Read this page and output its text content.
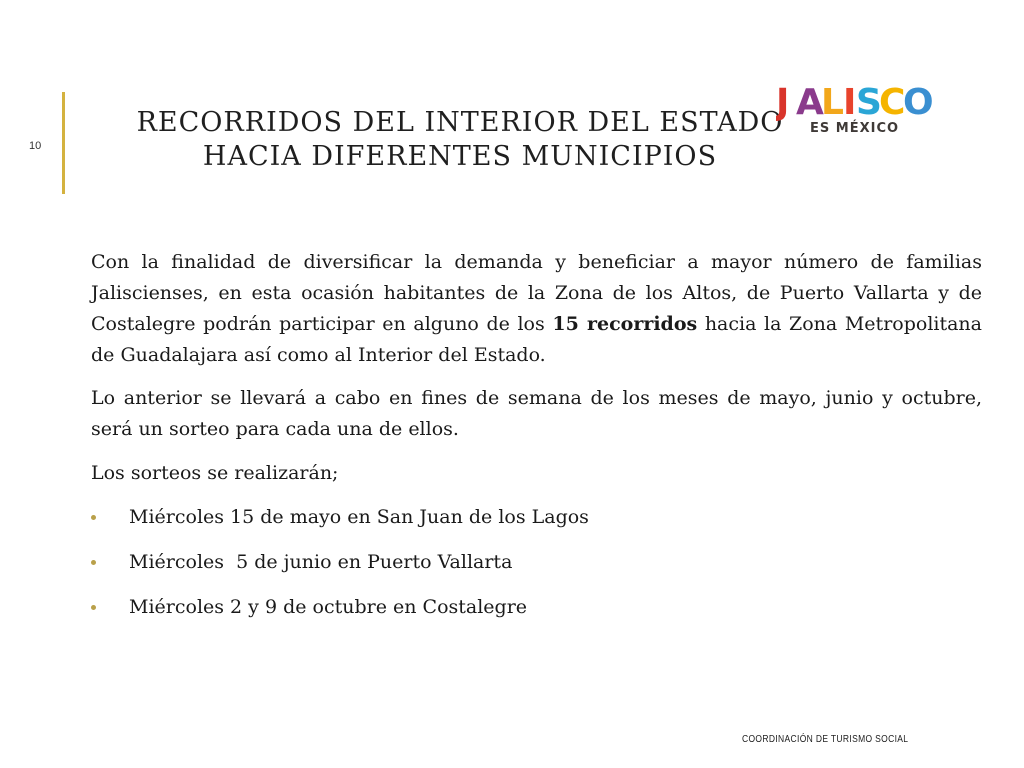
10
RECORRIDOS DEL INTERIOR DEL ESTADO
HACIA DIFERENTES MUNICIPIOS
J A
L I S
C
O
ES MÉXICO

Con la finalidad de diversificar la demanda y beneficiar a mayor número de familias Jaliscienses, en esta ocasión habitantes de la Zona de los Altos, de Puerto Vallarta y de Costalegre podrán participar en alguno de los 15 recorridos hacia la Zona Metropolitana de Guadalajara así como al Interior del Estado.

Lo anterior se llevará a cabo en fines de semana de los meses de mayo, junio y octubre, será un sorteo para cada una de ellos.

Los sorteos se realizarán;

Miércoles 15 de mayo en San Juan de los Lagos
Miércoles  5 de junio en Puerto Vallarta
Miércoles 2 y 9 de octubre en Costalegre
COORDINACIÓN DE TURISMO SOCIAL
